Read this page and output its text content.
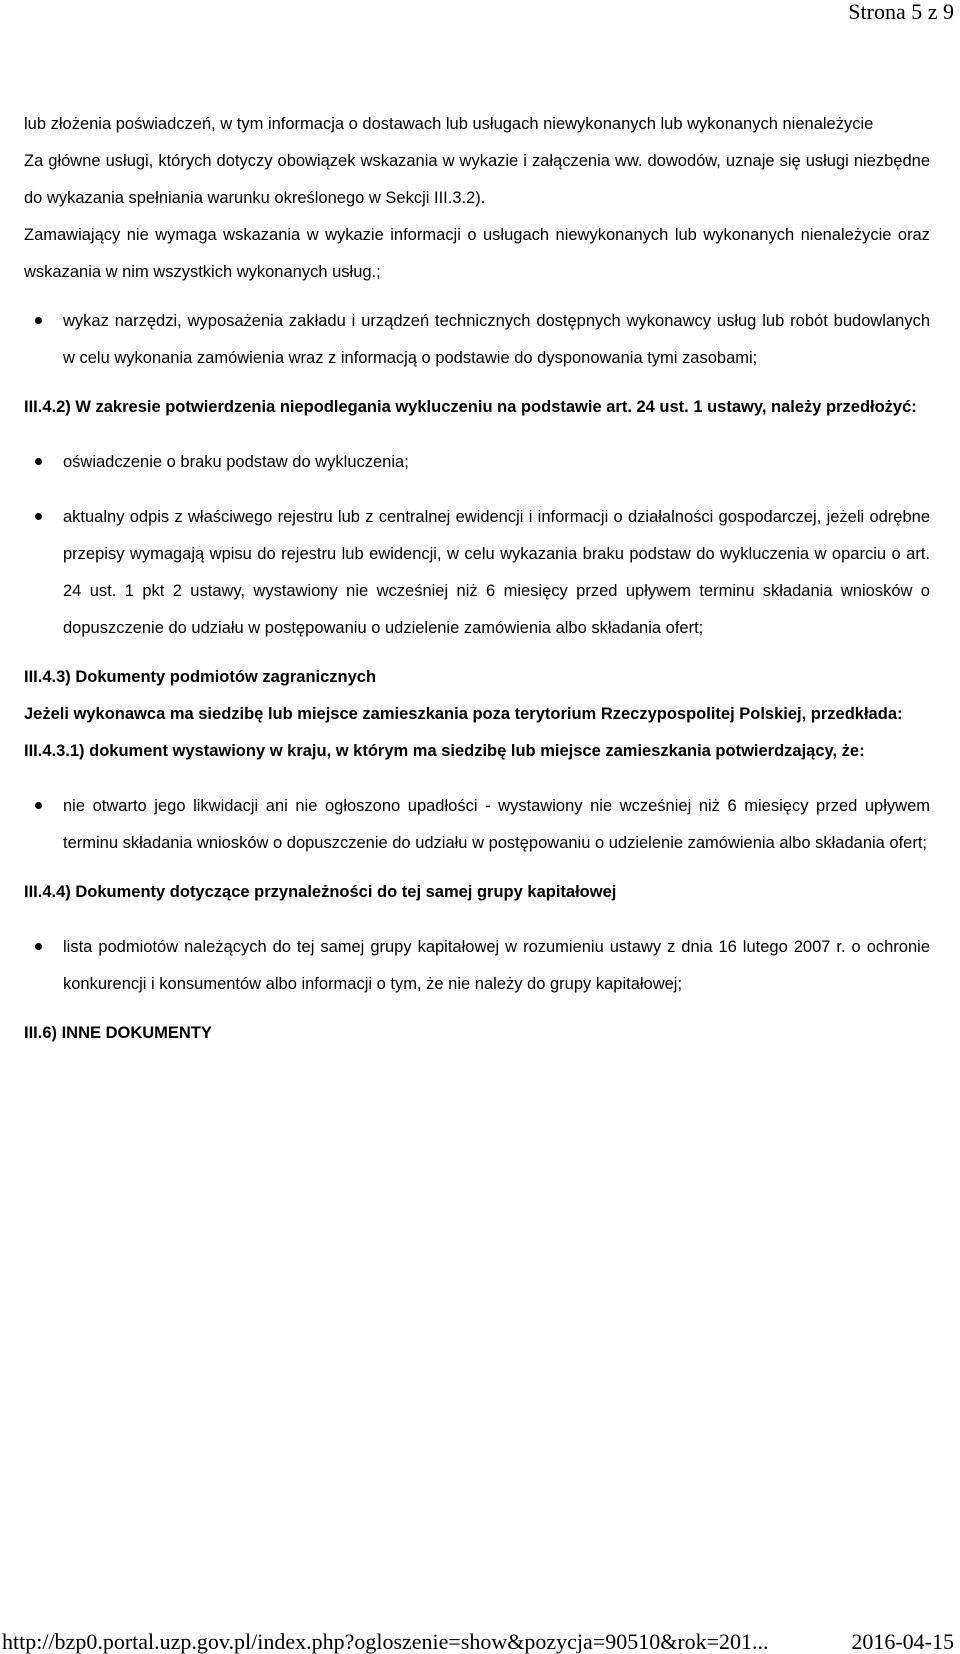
Strona 5 z 9

lub złożenia poświadczeń, w tym informacja o dostawach lub usługach niewykonanych lub wykonanych nienależycie

Za główne usługi, których dotyczy obowiązek wskazania w wykazie i załączenia ww. dowodów, uznaje się usługi niezbędne do wykazania spełniania warunku określonego w Sekcji III.3.2).

Zamawiający nie wymaga wskazania w wykazie informacji o usługach niewykonanych lub wykonanych nienależycie oraz wskazania w nim wszystkich wykonanych usług.;

wykaz narzędzi, wyposażenia zakładu i urządzeń technicznych dostępnych wykonawcy usług lub robót budowlanych w celu wykonania zamówienia wraz z informacją o podstawie do dysponowania tymi zasobami;

III.4.2) W zakresie potwierdzenia niepodlegania wykluczeniu na podstawie art. 24 ust. 1 ustawy, należy przedłożyć:

oświadczenie o braku podstaw do wykluczenia;
aktualny odpis z właściwego rejestru lub z centralnej ewidencji i informacji o działalności gospodarczej, jeżeli odrębne przepisy wymagają wpisu do rejestru lub ewidencji, w celu wykazania braku podstaw do wykluczenia w oparciu o art. 24 ust. 1 pkt 2 ustawy, wystawiony nie wcześniej niż 6 miesięcy przed upływem terminu składania wniosków o dopuszczenie do udziału w postępowaniu o udzielenie zamówienia albo składania ofert;

III.4.3) Dokumenty podmiotów zagranicznych

Jeżeli wykonawca ma siedzibę lub miejsce zamieszkania poza terytorium Rzeczypospolitej Polskiej, przedkłada:

III.4.3.1) dokument wystawiony w kraju, w którym ma siedzibę lub miejsce zamieszkania potwierdzający, że:

nie otwarto jego likwidacji ani nie ogłoszono upadłości - wystawiony nie wcześniej niż 6 miesięcy przed upływem terminu składania wniosków o dopuszczenie do udziału w postępowaniu o udzielenie zamówienia albo składania ofert;

III.4.4) Dokumenty dotyczące przynależności do tej samej grupy kapitałowej

lista podmiotów należących do tej samej grupy kapitałowej w rozumieniu ustawy z dnia 16 lutego 2007 r. o ochronie konkurencji i konsumentów albo informacji o tym, że nie należy do grupy kapitałowej;

III.6) INNE DOKUMENTY

http://bzp0.portal.uzp.gov.pl/index.php?ogloszenie=show&pozycja=90510&rok=201...	2016-04-15
